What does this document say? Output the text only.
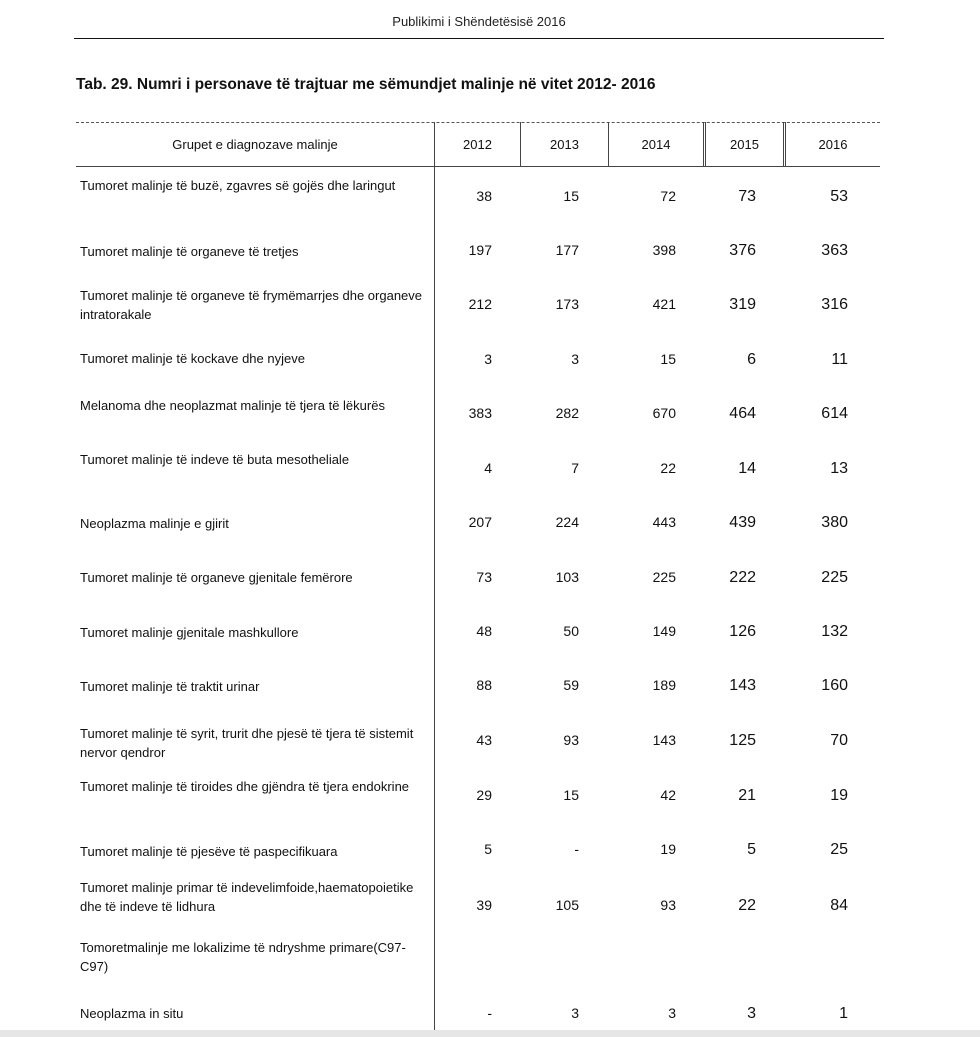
Publikimi i Shëndetësisë 2016
Tab. 29. Numri i personave të trajtuar me sëmundjet malinje në vitet 2012- 2016
Grupet e diagnozave malinje	2012	2013	2014	2015	2016
Tumoret malinje të buzë, zgavres së gojës dhe laringut
38	15	72	73	53
Tumoret malinje të organeve të tretjes	197	177	398	376	363
Tumoret malinje të organeve të frymëmarrjes dhe organeve intratorakale
212	173	421	319	316
Tumoret malinje të kockave dhe nyjeve	3	3	15	6	11
Melanoma dhe neoplazmat malinje të tjera të lëkurës	383	282	670	464	614
Tumoret malinje të indeve të buta mesotheliale
4	7	22	14	13
Neoplazma malinje e gjirit	207	224	443	439	380
Tumoret malinje të organeve gjenitale femërore	73	103	225	222	225
Tumoret malinje gjenitale mashkullore	48	50	149	126	132
Tumoret malinje të traktit urinar	88	59	189	143	160
Tumoret malinje të syrit, trurit dhe pjesë të tjera të sistemit nervor qendror
43	93	143	125	70
Tumoret malinje të tiroides dhe gjëndra të tjera endokrine
29	15	42	21	19
Tumoret malinje të pjesëve të paspecifikuara	5	-	19	5	25
Tumoret malinje primar të indevelimfoide,haematopoietike dhe të indeve të lidhura	39	105	93	22	84
Tomoretmalinje me lokalizime të ndryshme primare(C97-C97)
Neoplazma in situ	-	3	3	3	1
